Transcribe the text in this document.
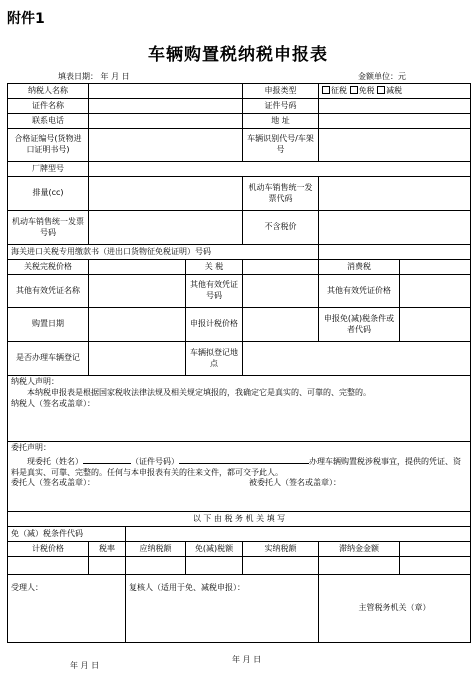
附件1
车辆购置税纳税申报表
填表日期： 年 月 日	金额单位：元
纳税人名称				申报类型	征税 免税 减税	
证件名称				证件号码		
联系电话				地 址		
合格证编号(货物进口证明书号)				车辆识别代号/车架号		
厂牌型号						
排量(cc)				机动车销售统一发票代码		
机动车销售统一发票号码				不含税价		
海关进口关税专用缴款书（进出口货物征免税证明）号码						
关税完税价格			关 税		消费税	
其他有效凭证名称			其他有效凭证号码		其他有效凭证价格	
购置日期			申报计税价格		申报免(减)税条件或者代码	
是否办理车辆登记			车辆拟登记地点			

纳税人声明：
本纳税申报表是根据国家税收法律法规及相关规定填报的，我确定它是真实的、可靠的、完整的。
纳税人（签名或盖章）：						

委托声明：
现委托（姓名） （证件号码） 办理车辆购置税涉税事宜，提供的凭证、资料是真实、可靠、完整的。任何与本申报表有关的往来文件，都可交予此人。
委托人（签名或盖章）： 被委托人（签名或盖章）：						

以 下 由 税 务 机 关 填 写						
免（减）税条件代码						
计税价格	税率	应纳税额	免(减)税额	实纳税额	滞纳金金额	

受理人：		复核人（适用于免、减税申报）：			主管税务机关（章）	
年 月 日
年 月 日
